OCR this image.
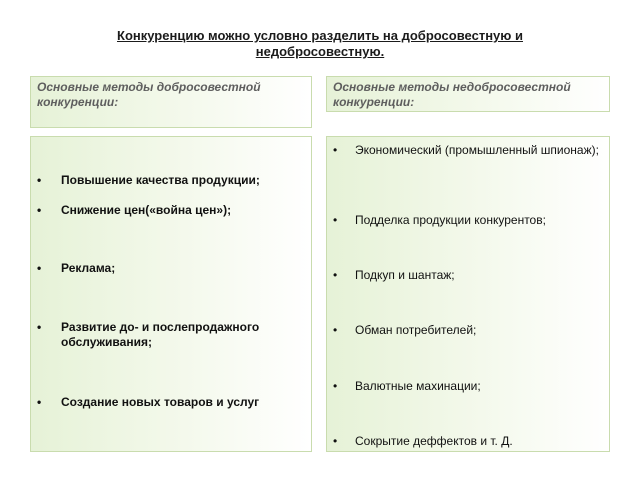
Конкуренцию можно условно разделить на добросовестную и недобросовестную.
Основные методы добросовестной конкуренции:
Основные методы недобросовестной конкуренции:
• Повышение качества продукции;
• Снижение цен(«война цен»);
• Реклама;
• Развитие до- и послепродажного обслуживания;
• Создание новых товаров и услуг
• Экономический (промышленный шпионаж);
• Подделка продукции конкурентов;
• Подкуп и шантаж;
• Обман потребителей;
• Валютные махинации;
• Сокрытие деффектов и т. Д.
